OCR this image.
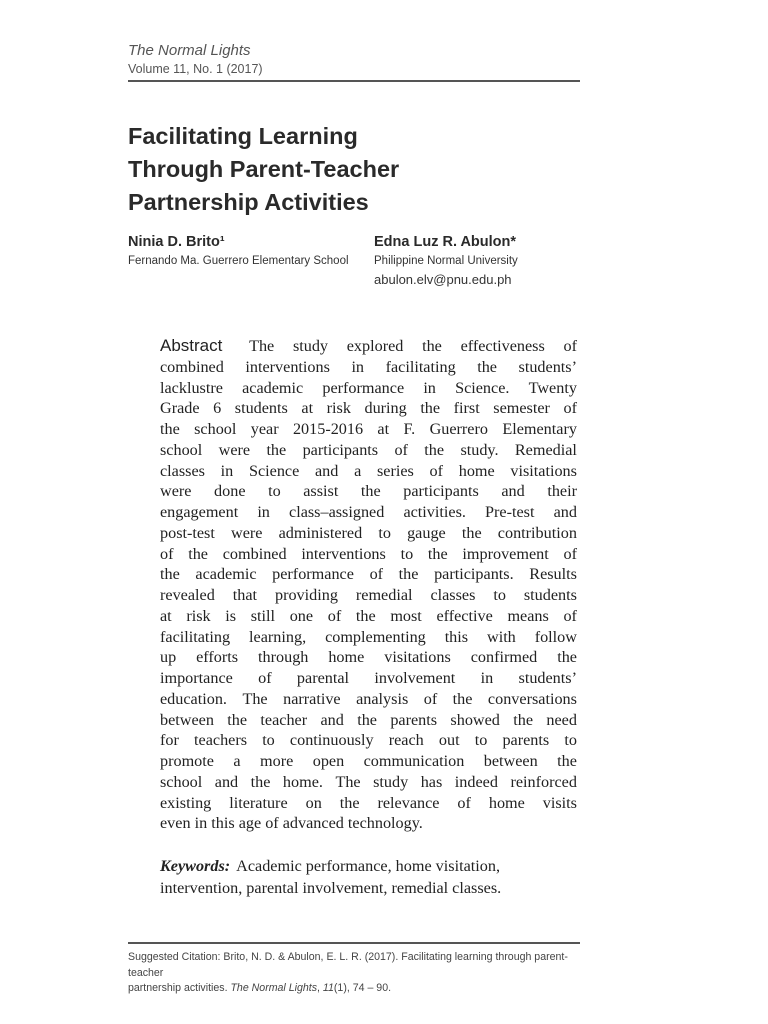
The Normal Lights
Volume 11, No. 1 (2017)
Facilitating Learning
Through Parent-Teacher
Partnership Activities
Ninia D. Brito¹
Fernando Ma. Guerrero Elementary School
Edna Luz R. Abulon*
Philippine Normal University
abulon.elv@pnu.edu.ph
Abstract The study explored the effectiveness of
combined interventions in facilitating the students’
lacklustre academic performance in Science. Twenty
Grade 6 students at risk during the first semester of
the school year 2015-2016 at F. Guerrero Elementary
school were the participants of the study. Remedial
classes in Science and a series of home visitations
were done to assist the participants and their
engagement in class–assigned activities. Pre-test and
post-test were administered to gauge the contribution
of the combined interventions to the improvement of
the academic performance of the participants. Results
revealed that providing remedial classes to students
at risk is still one of the most effective means of
facilitating learning, complementing this with follow
up efforts through home visitations confirmed the
importance of parental involvement in students’
education. The narrative analysis of the conversations
between the teacher and the parents showed the need
for teachers to continuously reach out to parents to
promote a more open communication between the
school and the home. The study has indeed reinforced
existing literature on the relevance of home visits
even in this age of advanced technology.
Keywords: Academic performance, home visitation,
intervention, parental involvement, remedial classes.
Suggested Citation: Brito, N. D. & Abulon, E. L. R. (2017). Facilitating learning through parent-teacher
partnership activities. The Normal Lights, 11(1), 74 – 90.
